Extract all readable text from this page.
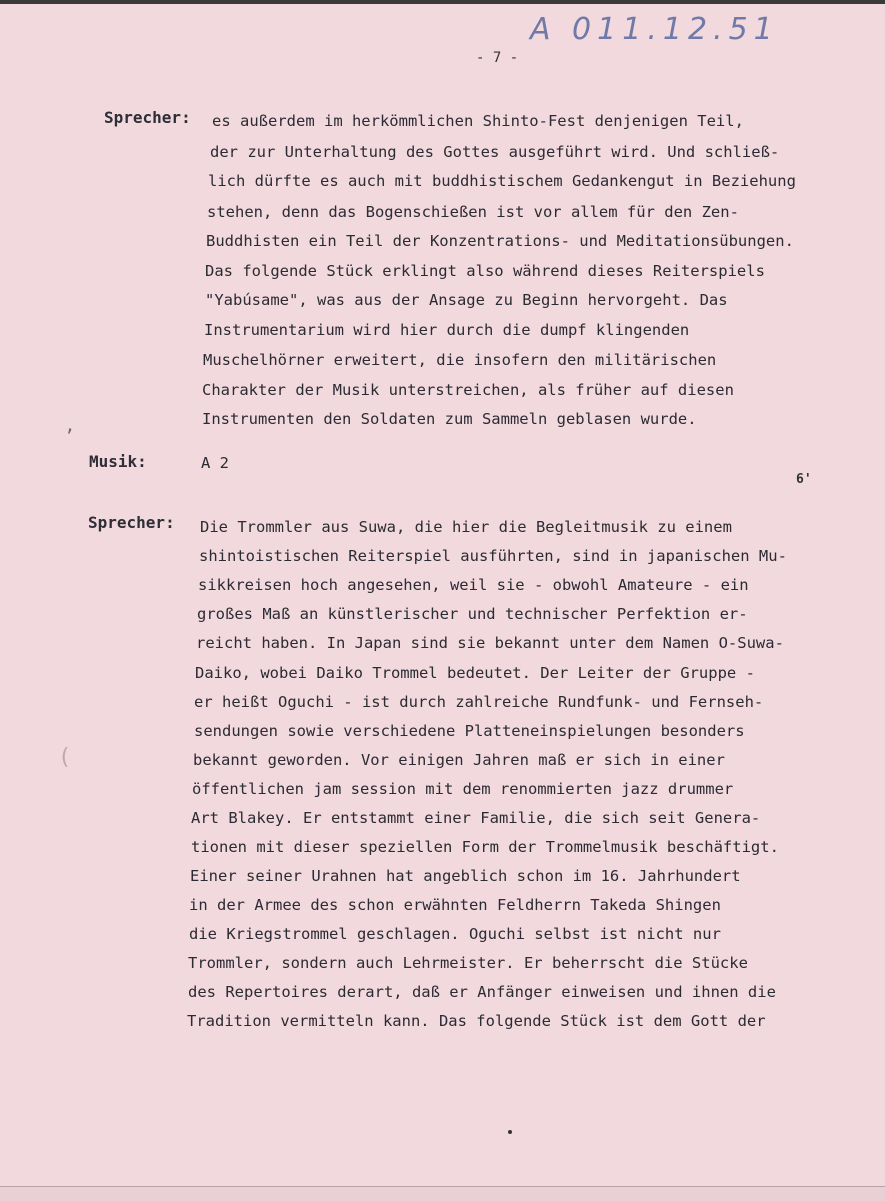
A 011.12.51
- 7 -
Sprecher: es außerdem im herkömmlichen Shinto-Fest denjenigen Teil,
der zur Unterhaltung des Gottes ausgeführt wird. Und schließ-
lich dürfte es auch mit buddhistischem Gedankengut in Beziehung
stehen, denn das Bogenschießen ist vor allem für den Zen-
Buddhisten ein Teil der Konzentrations- und Meditationsübungen.
Das folgende Stück erklingt also während dieses Reiterspiels
"Yabúsame", was aus der Ansage zu Beginn hervorgeht. Das
Instrumentarium wird hier durch die dumpf klingenden
Muschelhörner erweitert, die insofern den militärischen
Charakter der Musik unterstreichen, als früher auf diesen
Instrumenten den Soldaten zum Sammeln geblasen wurde.
Musik:	A 2
6'
Sprecher: Die Trommler aus Suwa, die hier die Begleitmusik zu einem
shintoistischen Reiterspiel ausführten, sind in japanischen Mu-
sikkreisen hoch angesehen, weil sie - obwohl Amateure - ein
großes Maß an künstlerischer und technischer Perfektion er-
reicht haben. In Japan sind sie bekannt unter dem Namen O-Suwa-
Daiko, wobei Daiko Trommel bedeutet. Der Leiter der Gruppe -
er heißt Oguchi - ist durch zahlreiche Rundfunk- und Fernseh-
sendungen sowie verschiedene Platteneinspielungen besonders
bekannt geworden. Vor einigen Jahren maß er sich in einer
öffentlichen jam session mit dem renommierten jazz drummer
Art Blakey. Er entstammt einer Familie, die sich seit Genera-
tionen mit dieser speziellen Form der Trommelmusik beschäftigt.
Einer seiner Urahnen hat angeblich schon im 16. Jahrhundert
in der Armee des schon erwähnten Feldherrn Takeda Shingen
die Kriegstrommel geschlagen. Oguchi selbst ist nicht nur
Trommler, sondern auch Lehrmeister. Er beherrscht die Stücke
des Repertoires derart, daß er Anfänger einweisen und ihnen die
Tradition vermitteln kann. Das folgende Stück ist dem Gott der
’
(
